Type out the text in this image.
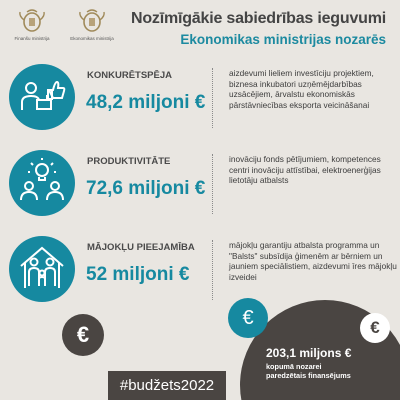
Finanšu ministrija	Ekonomikas ministrija
Nozīmīgākie sabiedrības ieguvumi
Ekonomikas ministrijas nozarēs
KONKURĒTSPĒJA
48,2 miljoni €
aizdevumi lieliem investīciju projektiem, biznesa inkubatori uzņēmējdarbības uzsācējiem, ārvalstu ekonomiskās pārstāvniecības eksporta veicināšanai
PRODUKTIVITĀTE
72,6 miljoni €
inovāciju fonds pētījumiem, kompetences centri inovāciju attīstībai, elektroenerģijas lietotāju atbalsts
MĀJOKĻU PIEEJAMĪBA
52 miljoni €
mājokļu garantiju atbalsta programma un "Balsts" subsīdija ģimenēm ar bērniem un jauniem speciālistiem, aizdevumi īres mājokļu izveidei
€
€	€
203,1 miljons €
kopumā nozarei
paredzētais finansējums
#budžets2022
